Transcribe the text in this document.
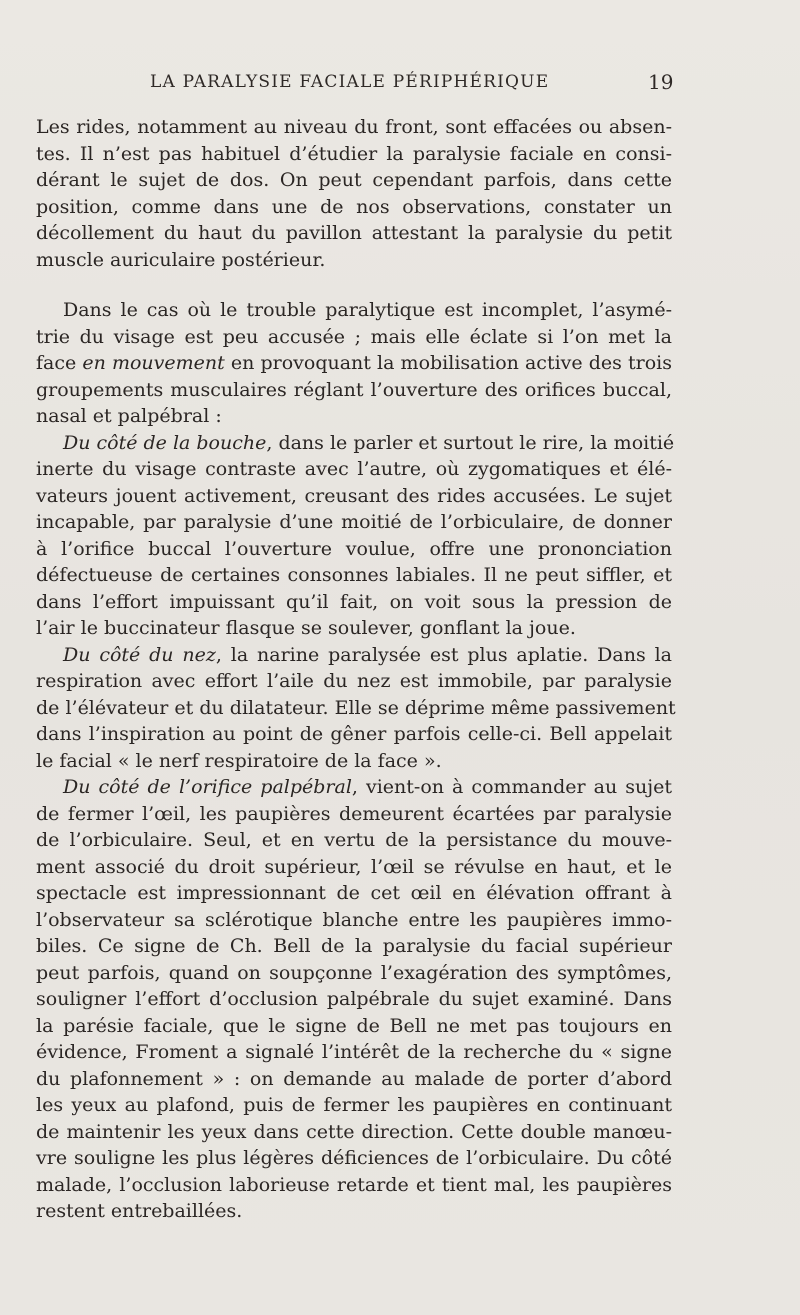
LA PARALYSIE FACIALE PÉRIPHÉRIQUE	19
Les rides, notamment au niveau du front, sont effacées ou absen-
tes. Il n’est pas habituel d’étudier la paralysie faciale en consi-
dérant le sujet de dos. On peut cependant parfois, dans cette
position, comme dans une de nos observations, constater un
décollement du haut du pavillon attestant la paralysie du petit
muscle auriculaire postérieur.
Dans le cas où le trouble paralytique est incomplet, l’asymé-
trie du visage est peu accusée ; mais elle éclate si l’on met la
face en mouvement en provoquant la mobilisation active des trois
groupements musculaires réglant l’ouverture des orifices buccal,
nasal et palpébral :
Du côté de la bouche, dans le parler et surtout le rire, la moitié
inerte du visage contraste avec l’autre, où zygomatiques et élé-
vateurs jouent activement, creusant des rides accusées. Le sujet
incapable, par paralysie d’une moitié de l’orbiculaire, de donner
à l’orifice buccal l’ouverture voulue, offre une prononciation
défectueuse de certaines consonnes labiales. Il ne peut siffler, et
dans l’effort impuissant qu’il fait, on voit sous la pression de
l’air le buccinateur flasque se soulever, gonflant la joue.
Du côté du nez, la narine paralysée est plus aplatie. Dans la
respiration avec effort l’aile du nez est immobile, par paralysie
de l’élévateur et du dilatateur. Elle se déprime même passivement
dans l’inspiration au point de gêner parfois celle-ci. Bell appelait
le facial « le nerf respiratoire de la face ».
Du côté de l’orifice palpébral, vient-on à commander au sujet
de fermer l’œil, les paupières demeurent écartées par paralysie
de l’orbiculaire. Seul, et en vertu de la persistance du mouve-
ment associé du droit supérieur, l’œil se révulse en haut, et le
spectacle est impressionnant de cet œil en élévation offrant à
l’observateur sa sclérotique blanche entre les paupières immo-
biles. Ce signe de Ch. Bell de la paralysie du facial supérieur
peut parfois, quand on soupçonne l’exagération des symptômes,
souligner l’effort d’occlusion palpébrale du sujet examiné. Dans
la parésie faciale, que le signe de Bell ne met pas toujours en
évidence, Froment a signalé l’intérêt de la recherche du « signe
du plafonnement » : on demande au malade de porter d’abord
les yeux au plafond, puis de fermer les paupières en continuant
de maintenir les yeux dans cette direction. Cette double manœu-
vre souligne les plus légères déficiences de l’orbiculaire. Du côté
malade, l’occlusion laborieuse retarde et tient mal, les paupières
restent entrebaillées.
